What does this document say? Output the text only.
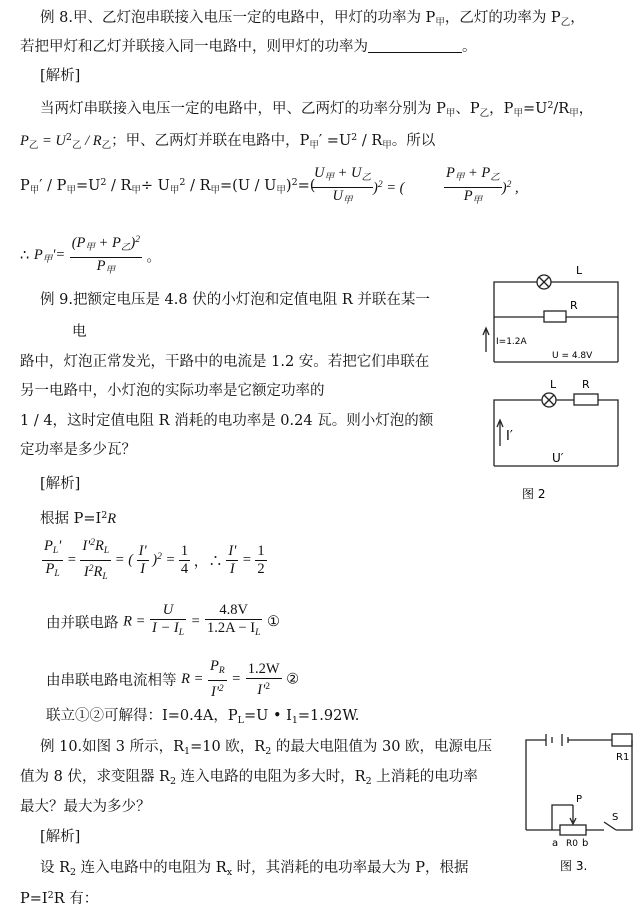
例 8.甲、乙灯泡串联接入电压一定的电路中，甲灯的功率为 $P_甲$，乙灯的功率为 $P_乙$，
若把甲灯和乙灯并联接入同一电路中，则甲灯的功率为	。
[解析]
当两灯串联接入电压一定的电路中，甲、乙两灯的功率分别为 $P_甲$、$P_乙$，$P_甲=U^2/R_甲$，
$P_乙 = U^2_乙 / R_乙$；甲、乙两灯并联在电路中，$P_甲' =U^2 / R_甲$。所以
$P_甲' / P_甲=U^2 / R_甲\div U_甲^2 / R_甲=(U / U_甲)^2=$(
$\frac{U_甲 + U_乙}{U_甲} )^2$ = (	$\frac{P_甲 + P_乙}{P_甲} )^2$ ,
∴ $P_甲'= \frac{(P_甲 + P_乙)^2}{P_甲}$ 。
例 9.把额定电压是 4.8 伏的小灯泡和定值电阻 R 并联在某一
电
路中，灯泡正常发光，干路中的电流是 1.2 安。若把它们串联在
另一电路中，小灯泡的实际功率是它额定功率的
1 / 4，这时定值电阻 R 消耗的电功率是 0.24 瓦。则小灯泡的额
定功率是多少瓦？
[解析]
根据 $P=I^2R$
$\frac{P_L'}{P_L} = \frac{I'^2R_L}{I^2R_L}$ = ( $\frac{I'}{I} )^2 = \frac{1}{4}$ ，∴ $\frac{I'}{I} = \frac{1}{2}$
由并联电路 $R = \frac{U}{I - I_L} = \frac{4.8V}{1.2A - I_L}$ ①
由串联电路电流相等 $R = \frac{P_R}{I'^2} = \frac{1.2W}{I'^2}$ ②
联立①②可解得：I=0.4A，$P_L=U$ • $I_1=1.92W$.
例 10.如图 3 所示，$R_1=10$ 欧，$R_2$ 的最大电阻值为 30 欧，电源电压
值为 8 伏，求变阻器 $R_2$ 连入电路的电阻为多大时，$R_2$ 上消耗的电功率
最大？最大为多少？
[解析]
设 $R_2$ 连入电路中的电阻为 $R_x$ 时，其消耗的电功率最大为 P，根据
$P=I^2R$ 有：
L
R
I=1.2A
U = 4.8V
L R
I′
U′
图 2
R1
P
a R0 b
S
图 3.
